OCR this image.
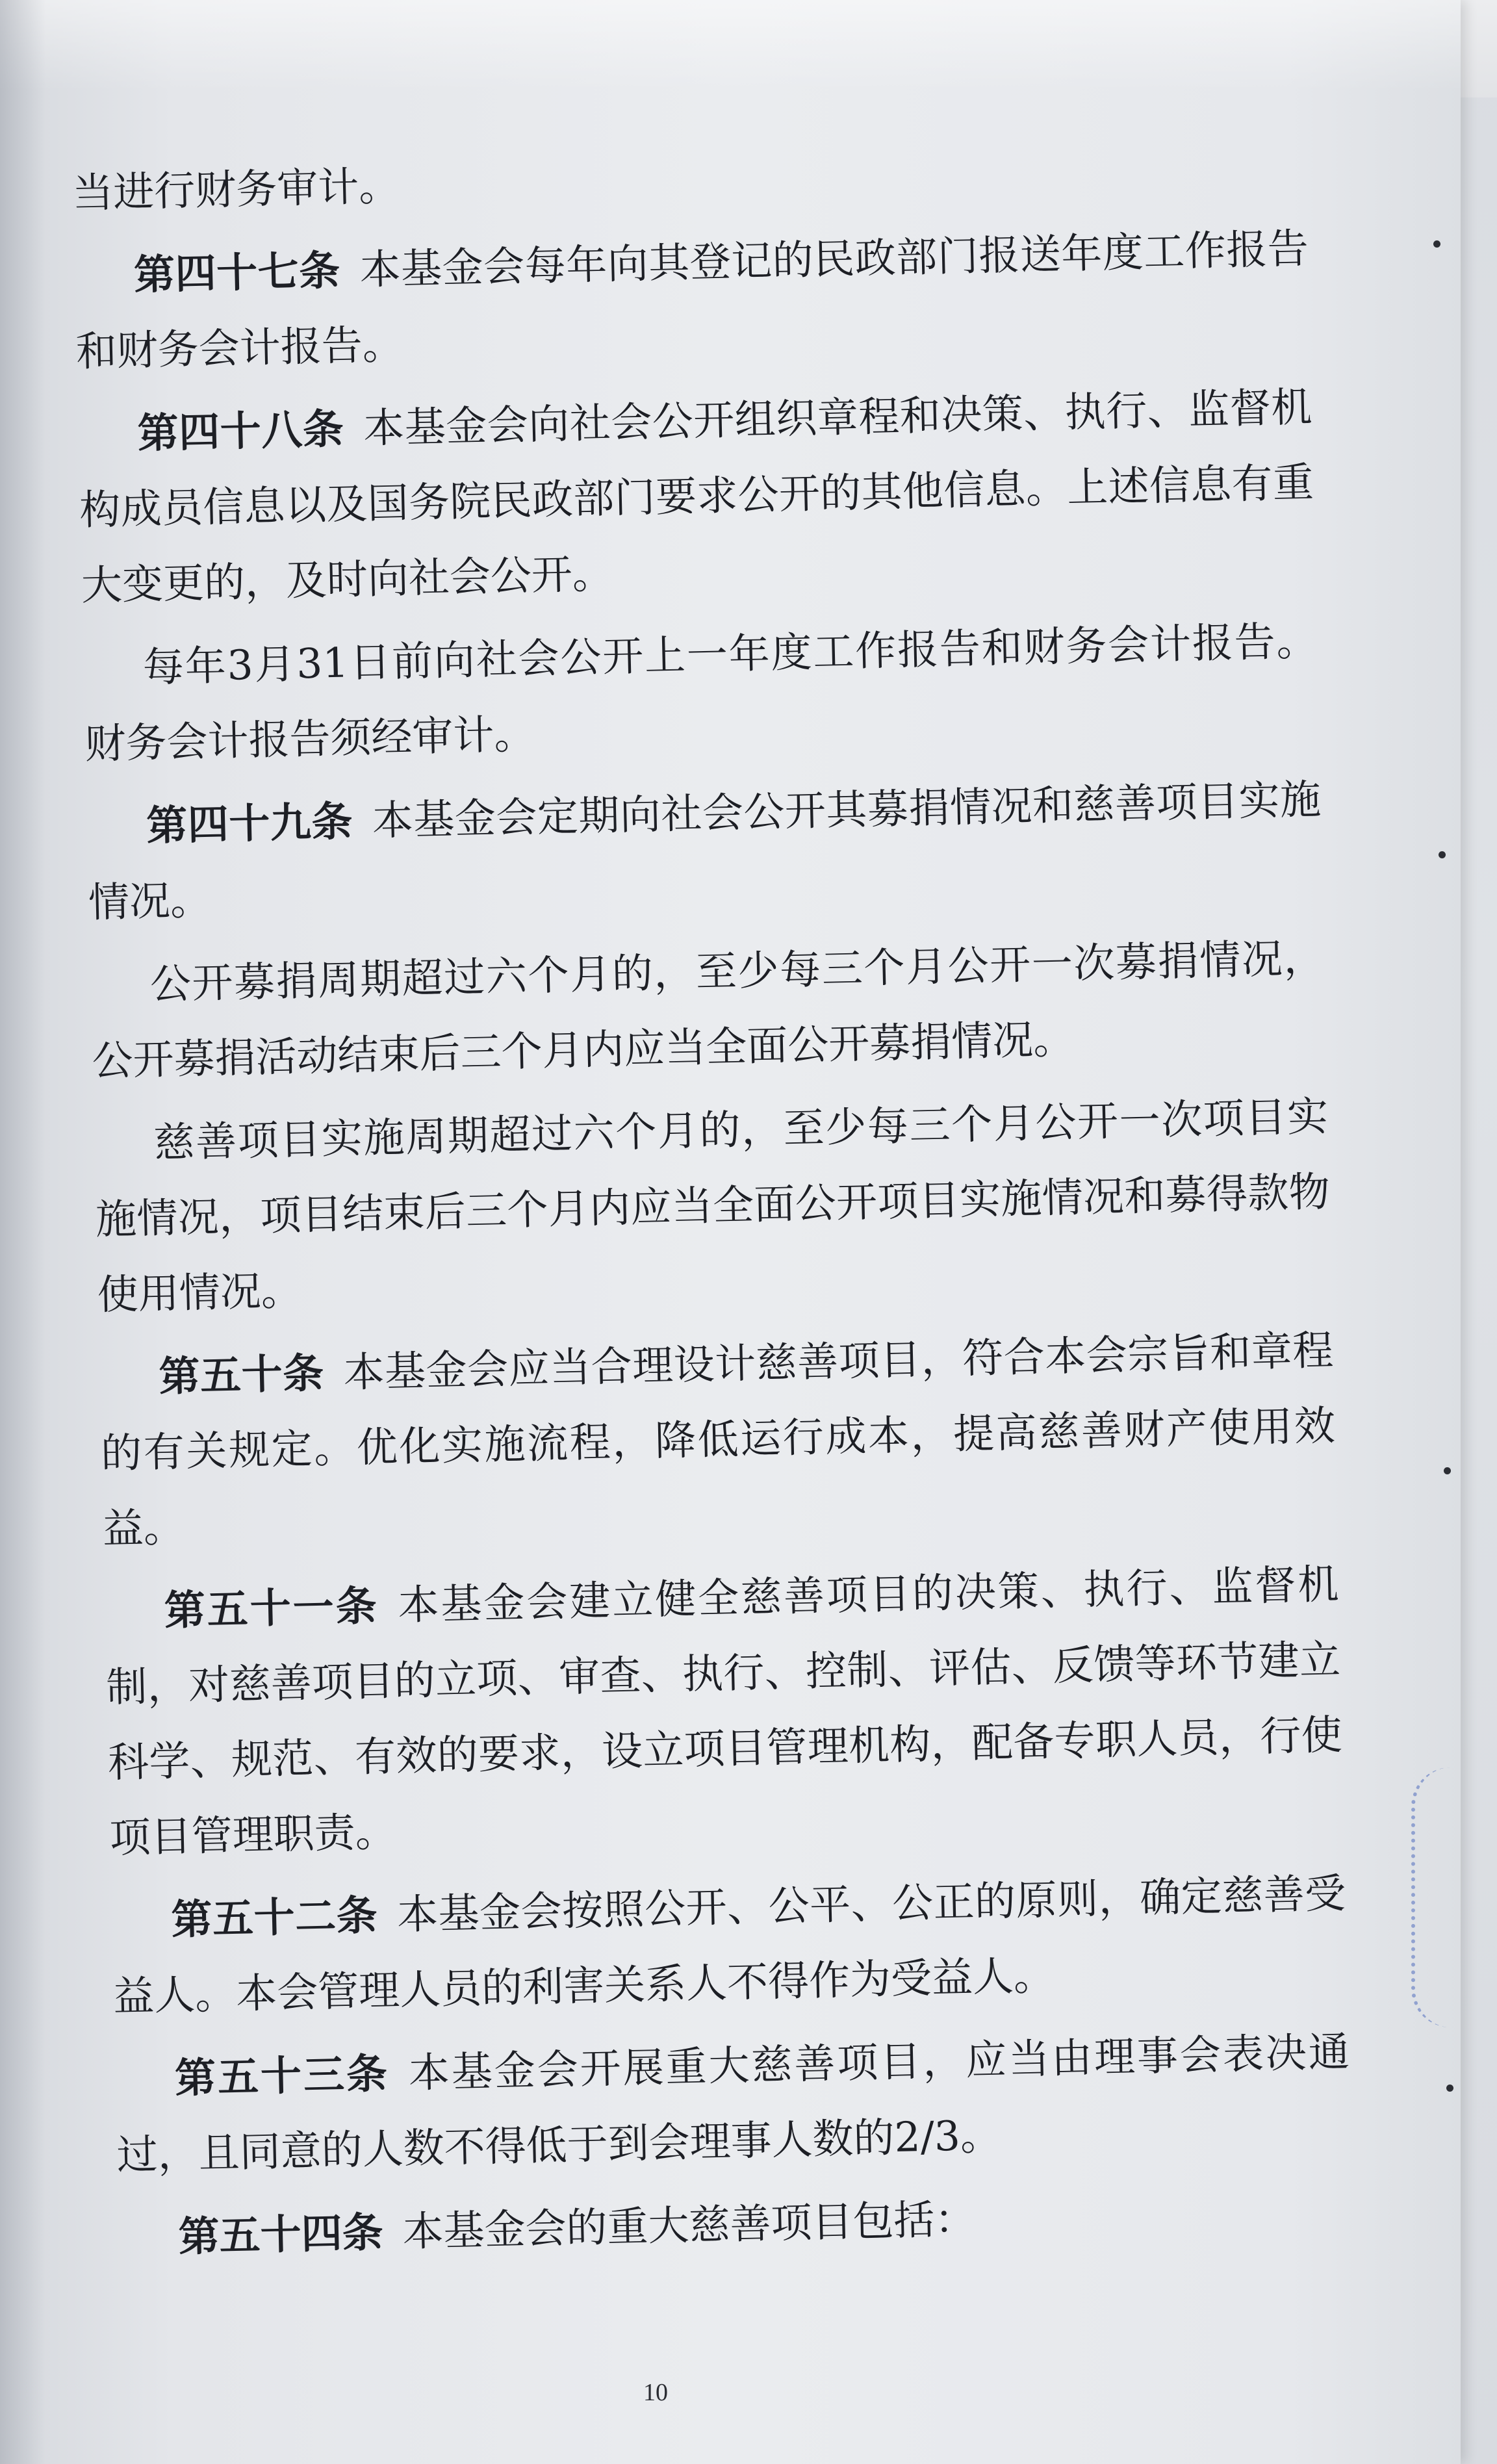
当进行财务审计。

第四十七条 本基金会每年向其登记的民政部门报送年度工作报告和财务会计报告。

第四十八条 本基金会向社会公开组织章程和决策、执行、监督机构成员信息以及国务院民政部门要求公开的其他信息。上述信息有重大变更的，及时向社会公开。

每年3月31日前向社会公开上一年度工作报告和财务会计报告。财务会计报告须经审计。

第四十九条 本基金会定期向社会公开其募捐情况和慈善项目实施情况。

公开募捐周期超过六个月的，至少每三个月公开一次募捐情况，公开募捐活动结束后三个月内应当全面公开募捐情况。

慈善项目实施周期超过六个月的，至少每三个月公开一次项目实施情况，项目结束后三个月内应当全面公开项目实施情况和募得款物使用情况。

第五十条 本基金会应当合理设计慈善项目，符合本会宗旨和章程的有关规定。优化实施流程，降低运行成本，提高慈善财产使用效益。

第五十一条 本基金会建立健全慈善项目的决策、执行、监督机制，对慈善项目的立项、审查、执行、控制、评估、反馈等环节建立科学、规范、有效的要求，设立项目管理机构，配备专职人员，行使项目管理职责。

第五十二条 本基金会按照公开、公平、公正的原则，确定慈善受益人。本会管理人员的利害关系人不得作为受益人。

第五十三条 本基金会开展重大慈善项目，应当由理事会表决通过，且同意的人数不得低于到会理事人数的2/3。

第五十四条 本基金会的重大慈善项目包括：

10
